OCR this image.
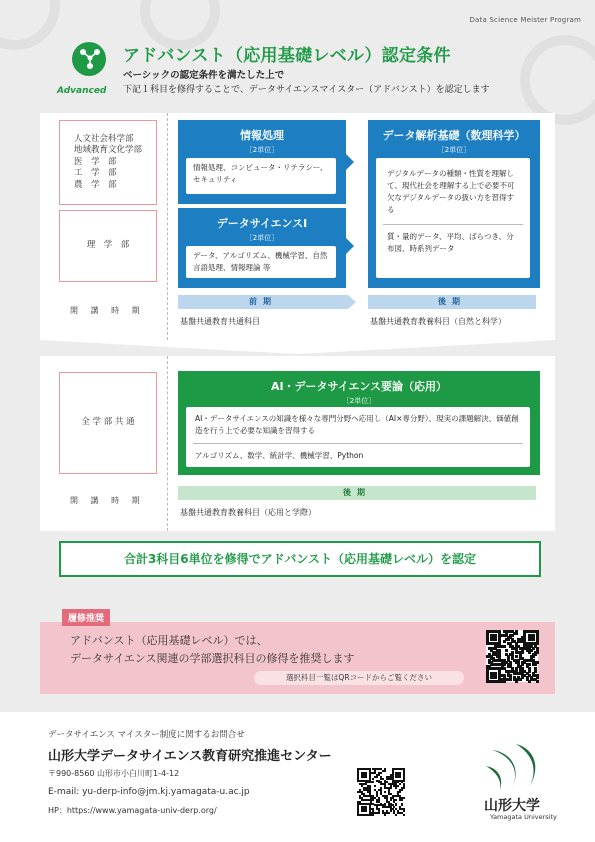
Data Science Meister Program
Advanced
アドバンスト（応用基礎レベル）認定条件
ベーシックの認定条件を満たした上で
下記１科目を修得することで、データサイエンスマイスター（アドバンスト）を認定します
人文社会科学部
地域教育文化学部
医　学　部
工　学　部
農　学　部
理　学　部
開 講 時 期
情報処理
［2単位］
情報処理、コンピュータ・リテラシー、セキュリティ
データサイエンスⅠ
［2単位］
データ、アルゴリズム、機械学習、自然言語処理、情報理論 等
データ解析基礎（数理科学）
［2単位］
デジタルデータの種類・性質を理解して、現代社会を理解する上で必要不可欠なデジタルデータの扱い方を習得する
質・量的データ、平均、ばらつき、分布図、時系列データ
前期	後期
基盤共通教育共通科目	基盤共通教育教養科目（自然と科学）
全 学 部 共 通
開 講 時 期
AI・データサイエンス要論（応用）
［2単位］
AI・データサイエンスの知識を様々な専門分野へ応用し（AI×専分野）、現実の課題解決、価値創造を行う上で必要な知識を習得する
アルゴリズム、数学、統計学、機械学習、Python
後期
基盤共通教育教養科目（応用と学際）
合計3科目6単位を修得でアドバンスト（応用基礎レベル）を認定
履修推奨
アドバンスト（応用基礎レベル）では、
データサイエンス関連の学部選択科目の修得を推奨します
選択科目一覧はQRコードからご覧ください
データサイエンス マイスター制度に関するお問合せ
山形大学データサイエンス教育研究推進センター
〒990-8560 山形市小白川町1-4-12
E-mail: yu-derp-info@jm.kj.yamagata-u.ac.jp
HP：https://www.yamagata-univ-derp.org/	山形大学
Yamagata University
